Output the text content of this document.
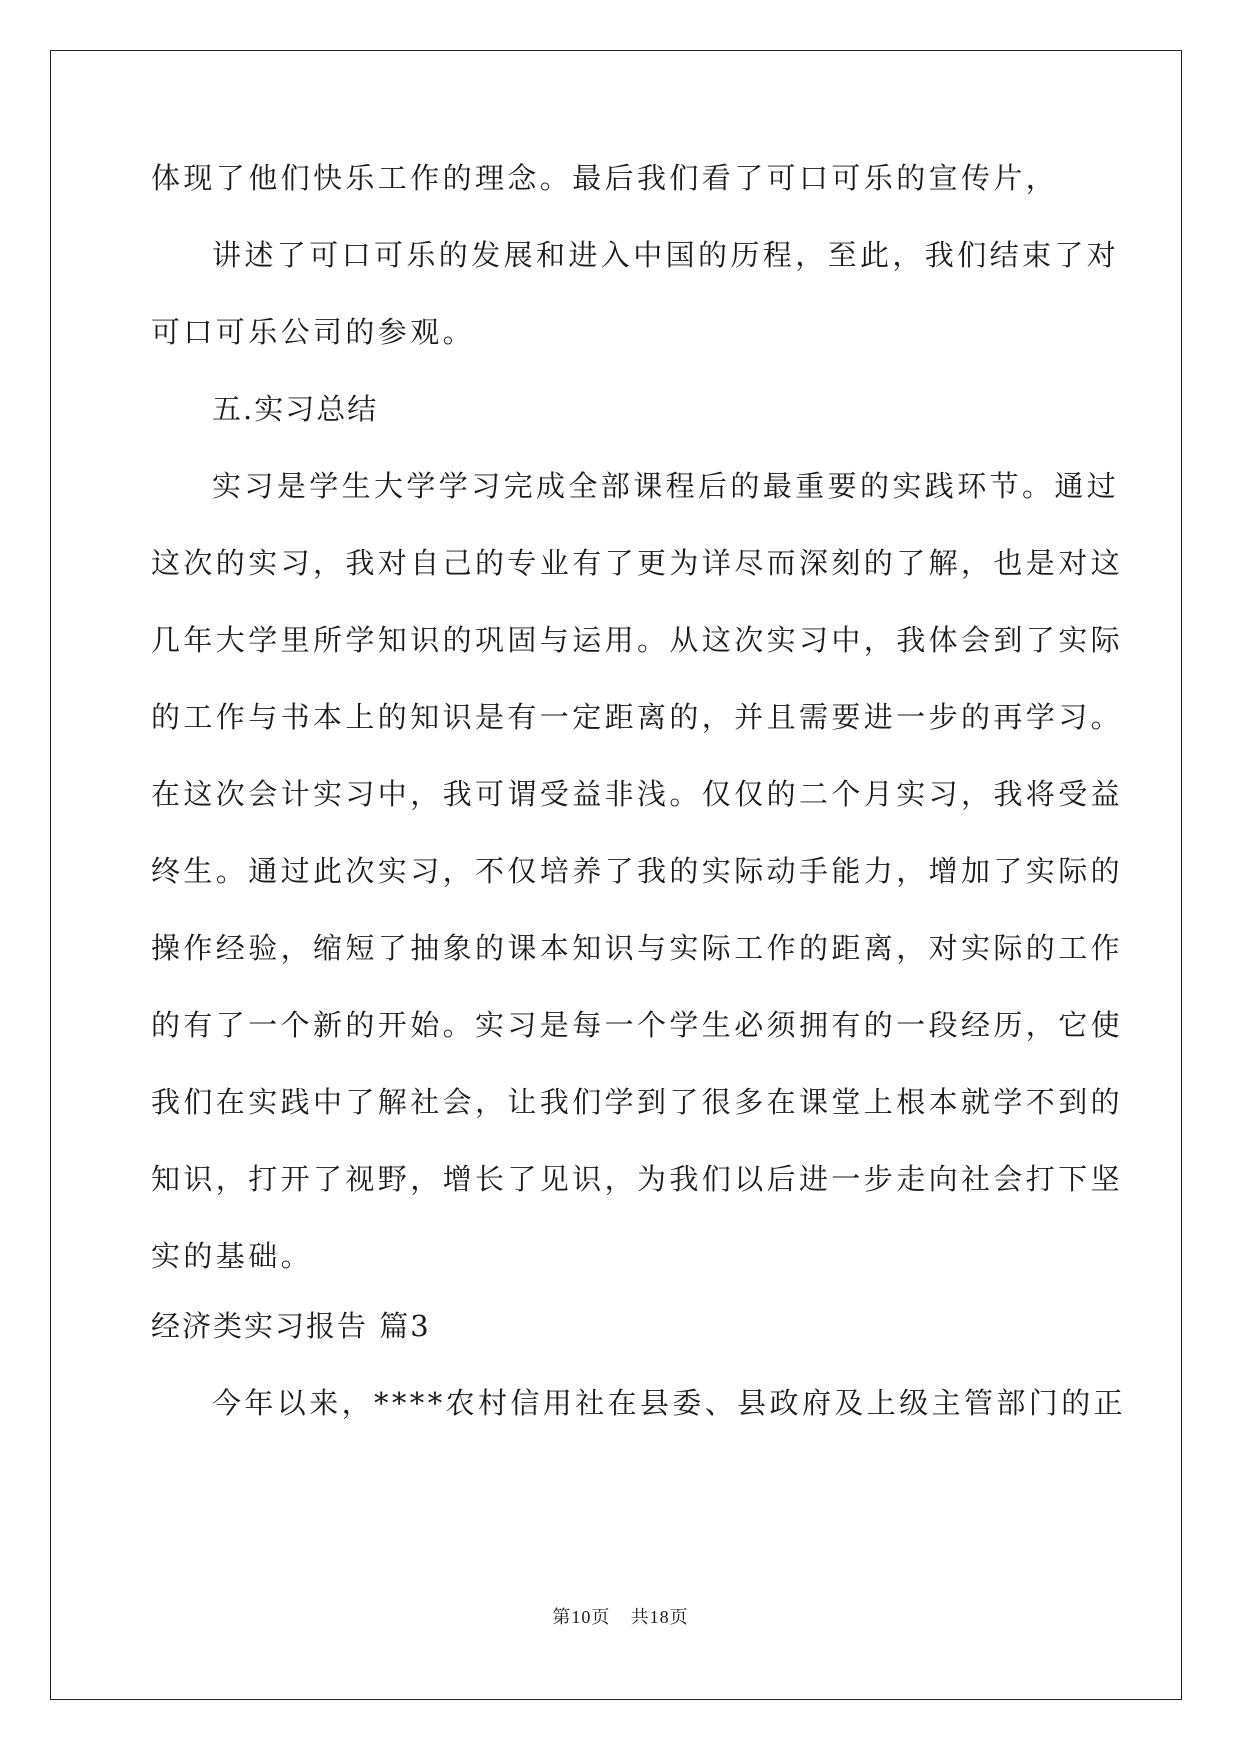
体现了他们快乐工作的理念。最后我们看了可口可乐的宣传片，
讲述了可口可乐的发展和进入中国的历程，至此，我们结束了对
可口可乐公司的参观。
五.实习总结
实习是学生大学学习完成全部课程后的最重要的实践环节。通过
这次的实习，我对自己的专业有了更为详尽而深刻的了解，也是对这
几年大学里所学知识的巩固与运用。从这次实习中，我体会到了实际
的工作与书本上的知识是有一定距离的，并且需要进一步的再学习。
在这次会计实习中，我可谓受益非浅。仅仅的二个月实习，我将受益
终生。通过此次实习，不仅培养了我的实际动手能力，增加了实际的
操作经验，缩短了抽象的课本知识与实际工作的距离，对实际的工作
的有了一个新的开始。实习是每一个学生必须拥有的一段经历，它使
我们在实践中了解社会，让我们学到了很多在课堂上根本就学不到的
知识，打开了视野，增长了见识，为我们以后进一步走向社会打下坚
实的基础。
经济类实习报告 篇3
今年以来，****农村信用社在县委、县政府及上级主管部门的正
第10页 共18页
